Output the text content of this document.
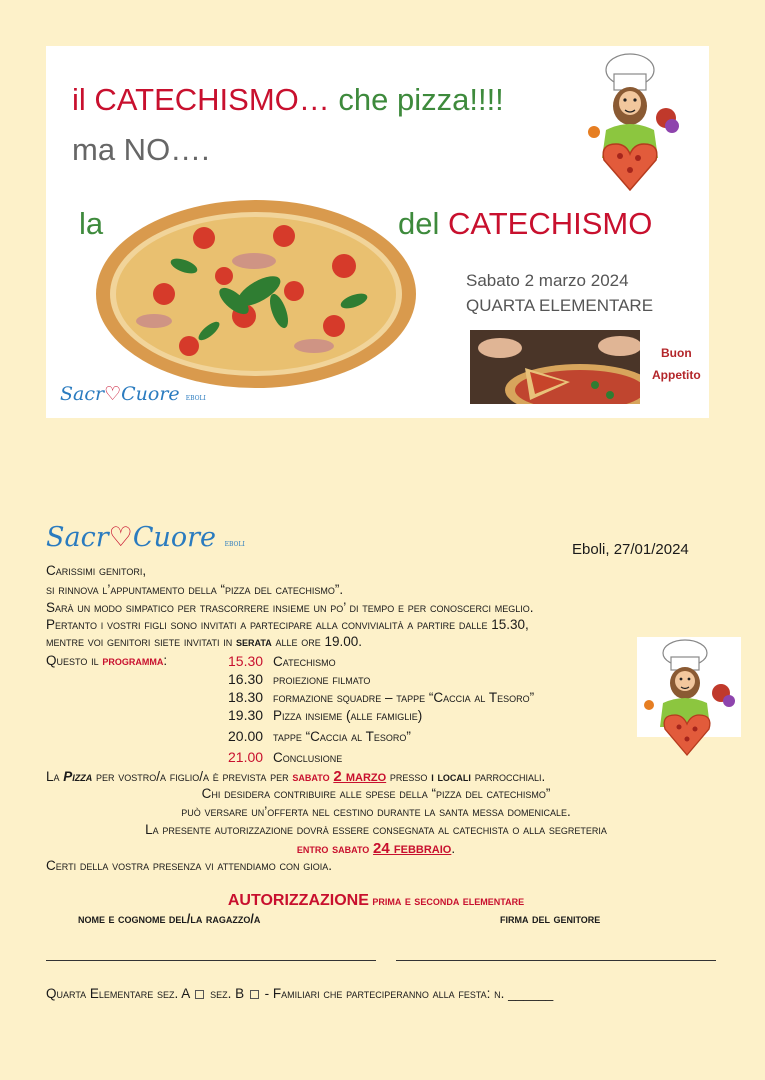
il CATECHISMO… che pizza!!!!
ma NO….
la	del CATECHISMO
Sabato 2 marzo 2024
QUARTA ELEMENTARE
Buon
Appetito
Sacr♡Cuore EBOLI
Sacr♡Cuore EBOLI	Eboli, 27/01/2024
Carissimi genitori,
si rinnova l’appuntamento della “pizza del catechismo”.
Sarà un modo simpatico per trascorrere insieme un po’ di tempo e per conoscerci meglio.
Pertanto i vostri figli sono invitati a partecipare alla convivialità a partire dalle 15.30,
mentre voi genitori siete invitati in serata alle ore 19.00.
Questo il programma:	15.30 Catechismo
16.30 proiezione filmato
18.30 formazione squadre – tappe “Caccia al Tesoro”
19.30 Pizza insieme (alle famiglie)
20.00 tappe “Caccia al Tesoro”
21.00 Conclusione
La Pizza per vostro/a figlio/a è prevista per sabato 2 marzo presso i locali parrocchiali.
Chi desidera contribuire alle spese della “pizza del catechismo”
può versare un’offerta nel cestino durante la santa messa domenicale.
La presente autorizzazione dovrà essere consegnata al catechista o alla segreteria
entro sabato 24 febbraio.
Certi della vostra presenza vi attendiamo con gioia.
AUTORIZZAZIONE prima e seconda elementare
nome e cognome del/la ragazzo/a	firma del genitore
Quarta Elementare sez. A  sez. B  - Familiari che parteciperanno alla festa: n. ______
